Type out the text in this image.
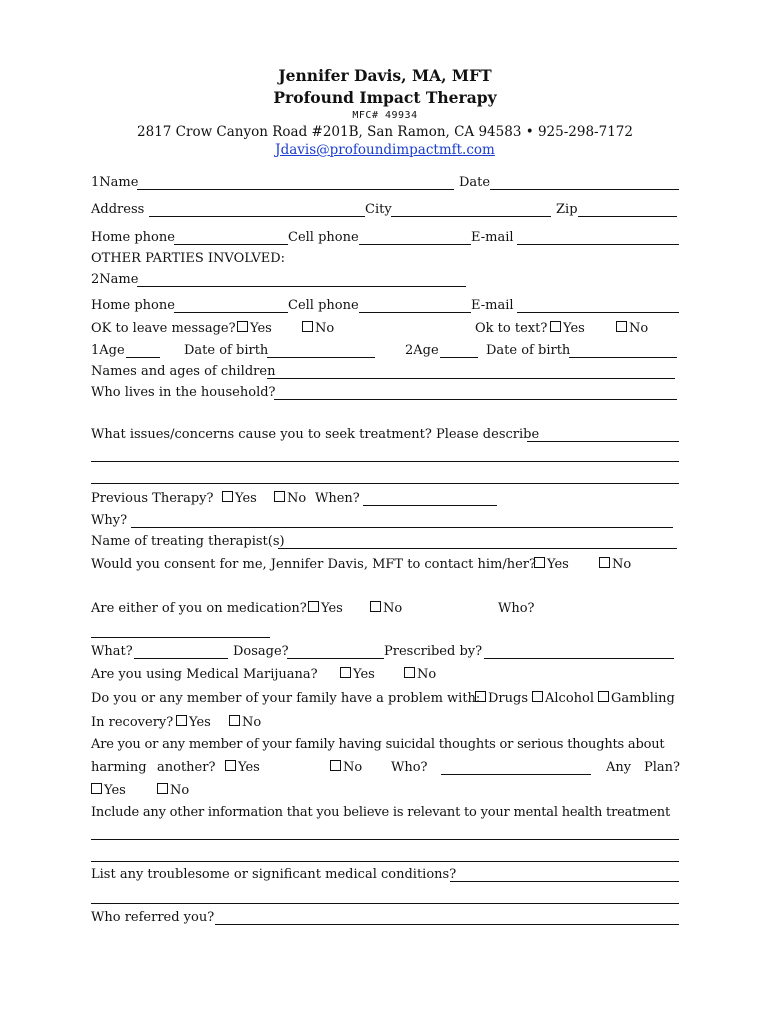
Jennifer Davis, MA, MFT
Profound Impact Therapy
MFC# 49934
2817 Crow Canyon Road #201B, San Ramon, CA 94583 • 925-298-7172
Jdavis@profoundimpactmft.com
1Name	Date
Address	City	Zip
Home phone	Cell phone	E-mail
OTHER PARTIES INVOLVED:
2Name
Home phone	Cell phone	E-mail
OK to leave message?	Yes	No	Ok to text?	Yes	No
1Age	Date of birth	2Age	Date of birth
Names and ages of children
Who lives in the household?
What issues/concerns cause you to seek treatment? Please describe
Previous Therapy?	Yes	No When?
Why?
Name of treating therapist(s)
Would you consent for me, Jennifer Davis, MFT to contact him/her? Yes	No
Are either of you on medication?	Yes	No	Who?
What?	Dosage?	Prescribed by?
Are you using Medical Marijuana?	Yes	No
Do you or any member of your family have a problem with: Drugs	Alcohol	Gambling
In recovery?	Yes	No
Are you or any member of your family having suicidal thoughts or serious thoughts about
harming another?	Yes	No Who?	Any Plan?
Yes	No
Include any other information that you believe is relevant to your mental health treatment
List any troublesome or significant medical conditions?
Who referred you?
